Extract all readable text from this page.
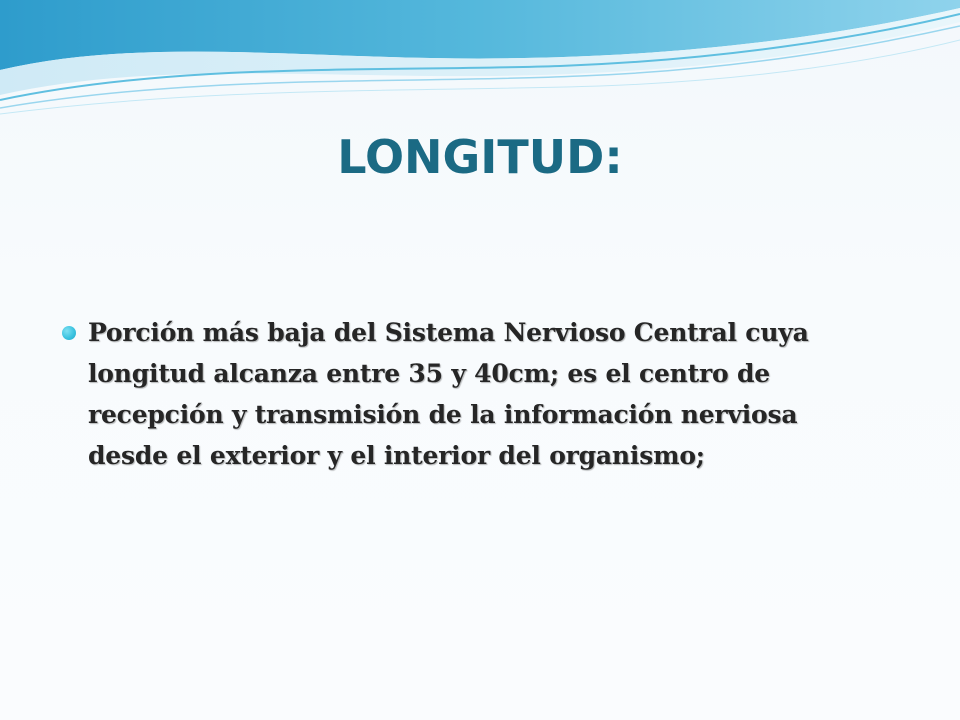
LONGITUD:
Porción más baja del Sistema Nervioso Central cuya longitud alcanza entre 35 y 40cm; es el centro de recepción y transmisión de la información nerviosa desde el exterior y el interior del organismo;
